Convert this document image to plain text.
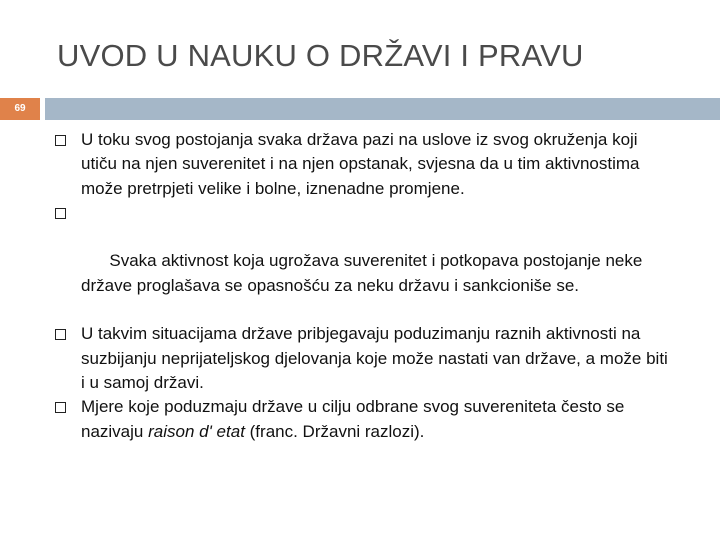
UVOD U NAUKU O DRŽAVI I PRAVU
69
U toku svog postojanja svaka država pazi na uslove iz svog okruženja koji utiču na njen suverenitet i na njen opstanak, svjesna da u tim aktivnostima može pretrpjeti velike i bolne, iznenadne promjene.

Svaka aktivnost koja ugrožava suverenitet i potkopava postojanje neke države proglašava se opasnošću za neku državu i sankcioniše se.

U takvim situacijama države pribjegavaju poduzimanju raznih aktivnosti na suzbijanju neprijateljskog djelovanja koje može nastati van države, a može biti i u samoj državi.
Mjere koje poduzmaju države u cilju odbrane svog suvereniteta često se nazivaju raison d' etat (franc. Državni razlozi).
